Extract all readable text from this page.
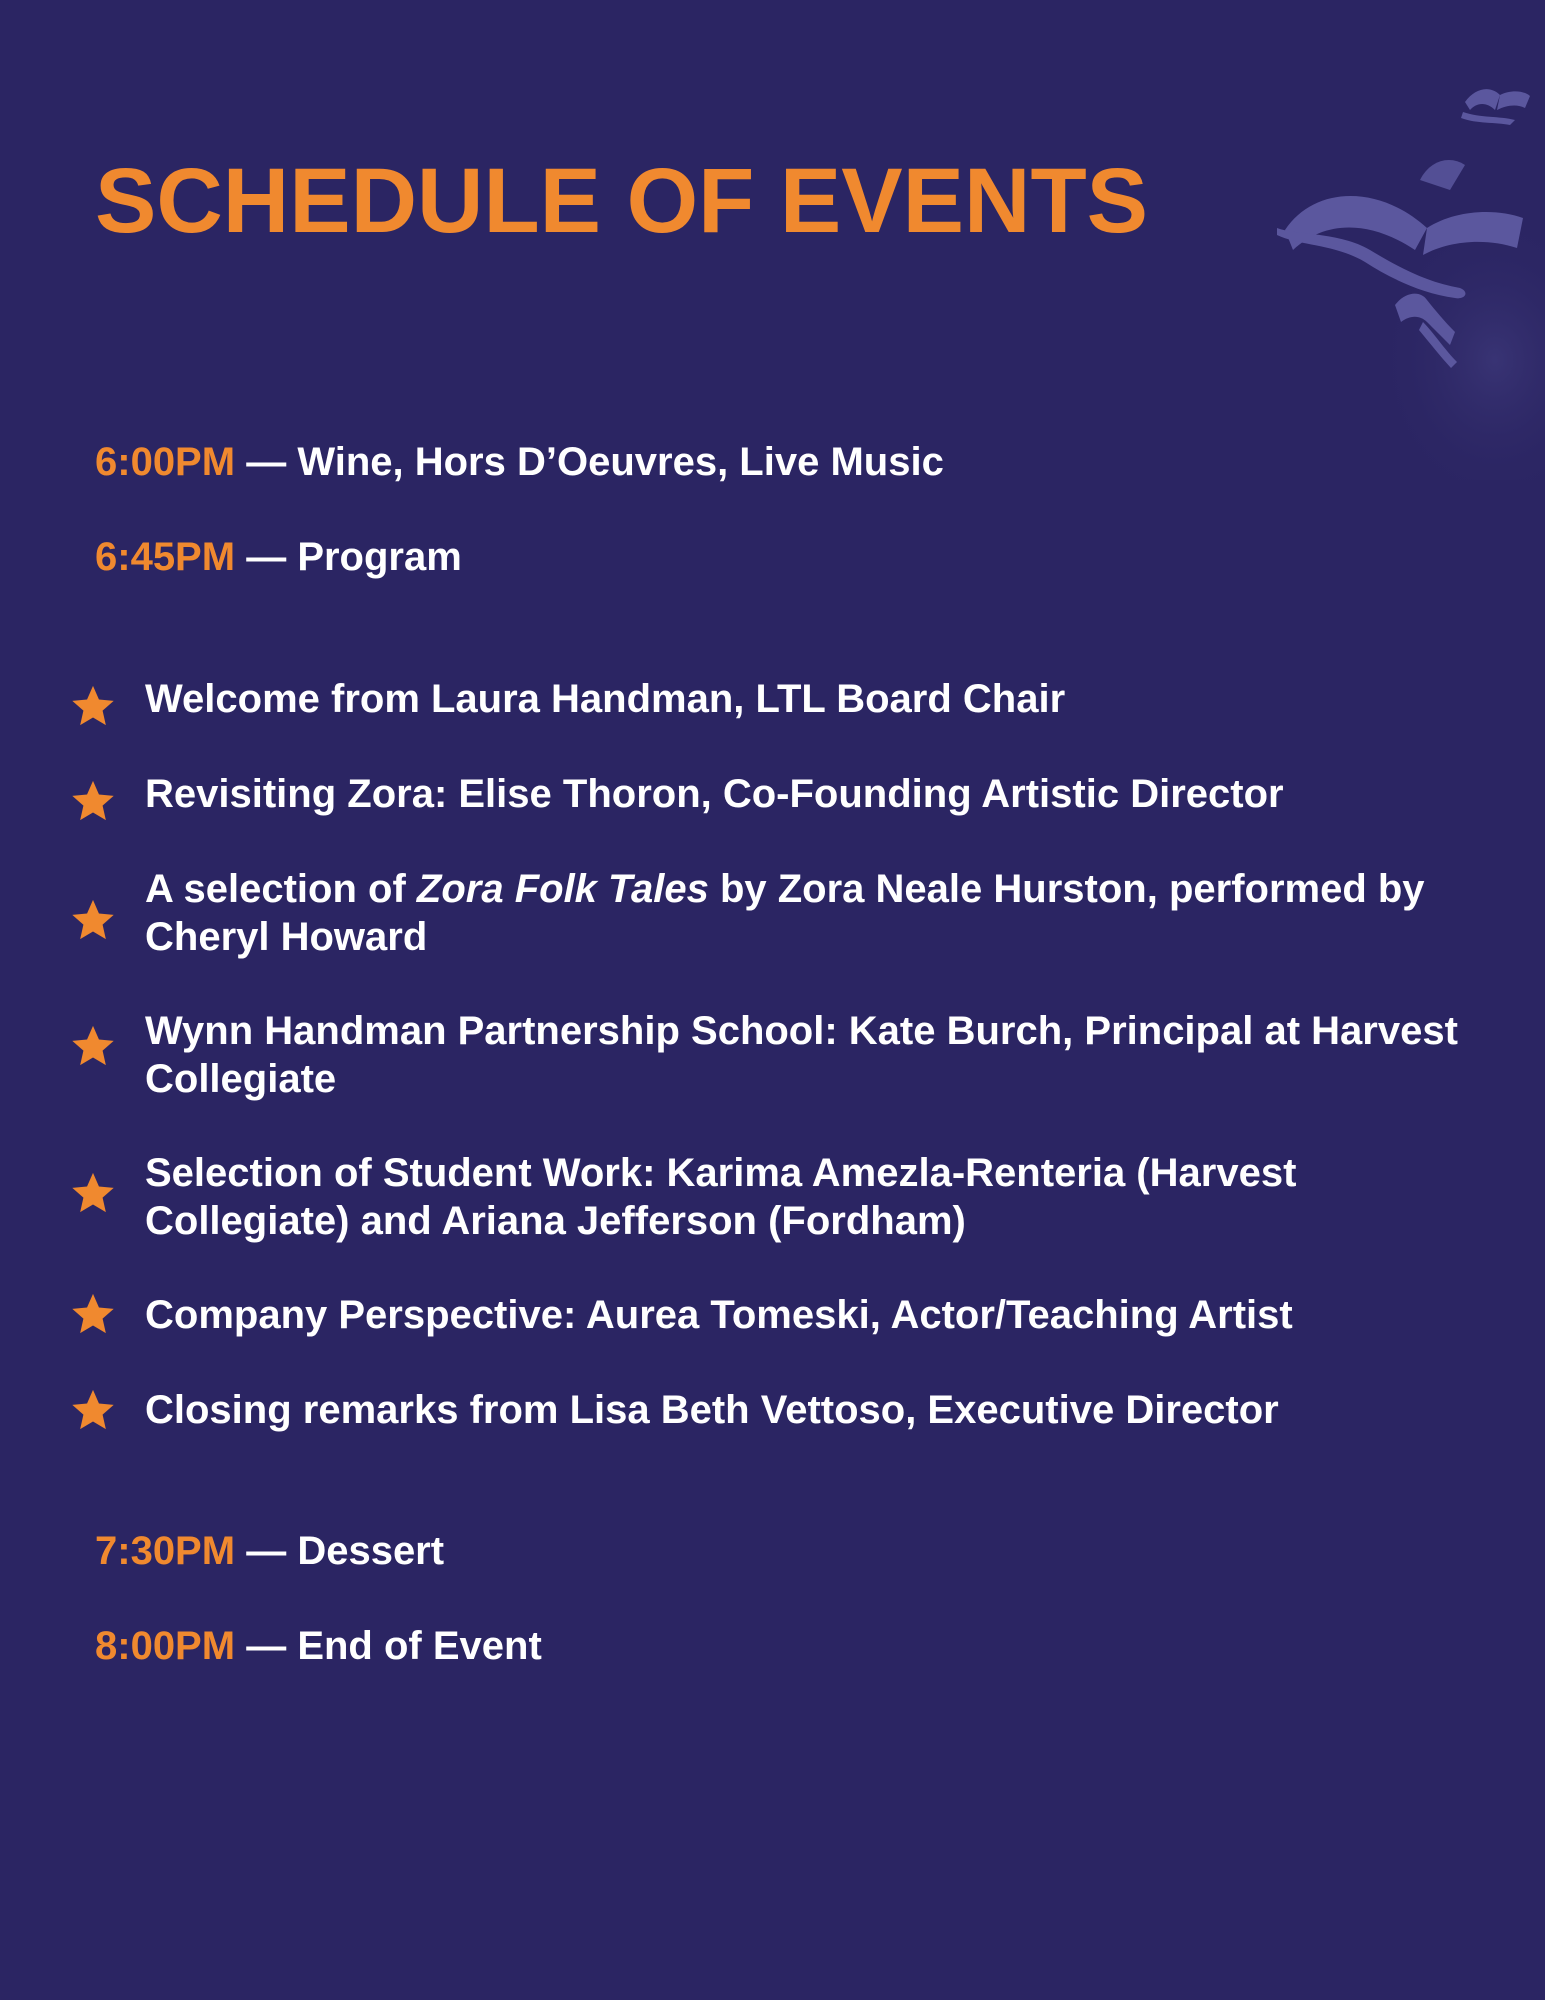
SCHEDULE OF EVENTS

6:00PM — Wine, Hors D’Oeuvres, Live Music

6:45PM — Program

Welcome from Laura Handman, LTL Board Chair

Revisiting Zora: Elise Thoron, Co-Founding Artistic Director

A selection of Zora Folk Tales by Zora Neale Hurston, performed by Cheryl Howard

Wynn Handman Partnership School: Kate Burch, Principal at Harvest Collegiate

Selection of Student Work: Karima Amezla-Renteria (Harvest Collegiate) and Ariana Jefferson (Fordham)

Company Perspective: Aurea Tomeski, Actor/Teaching Artist

Closing remarks from Lisa Beth Vettoso, Executive Director

7:30PM — Dessert

8:00PM — End of Event
